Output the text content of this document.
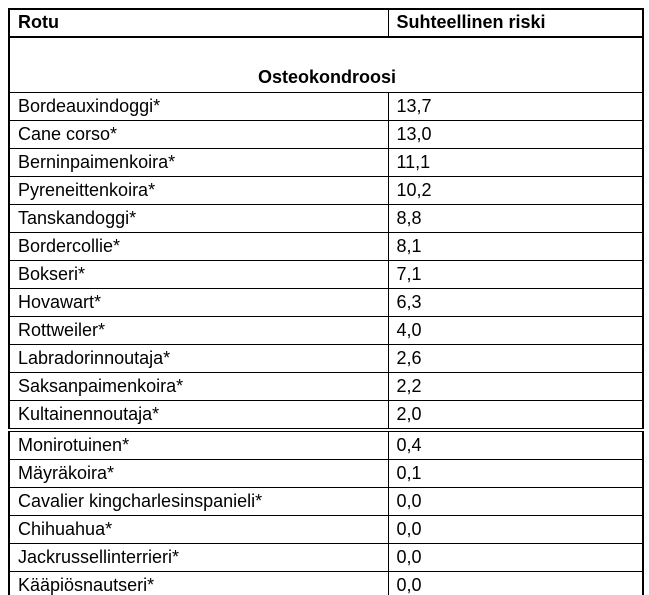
Rotu	Suhteellinen riski
Osteokondroosi	
Bordeauxindoggi*	13,7
Cane corso*	13,0
Berninpaimenkoira*	11,1
Pyreneittenkoira*	10,2
Tanskandoggi*	8,8
Bordercollie*	8,1
Bokseri*	7,1
Hovawart*	6,3
Rottweiler*	4,0
Labradorinnoutaja*	2,6
Saksanpaimenkoira*	2,2
Kultainennoutaja*	2,0
Monirotuinen*	0,4
Mäyräkoira*	0,1
Cavalier kingcharlesinspanieli*	0,0
Chihuahua*	0,0
Jackrussellinterrieri*	0,0
Kääpiösnautseri*	0,0
